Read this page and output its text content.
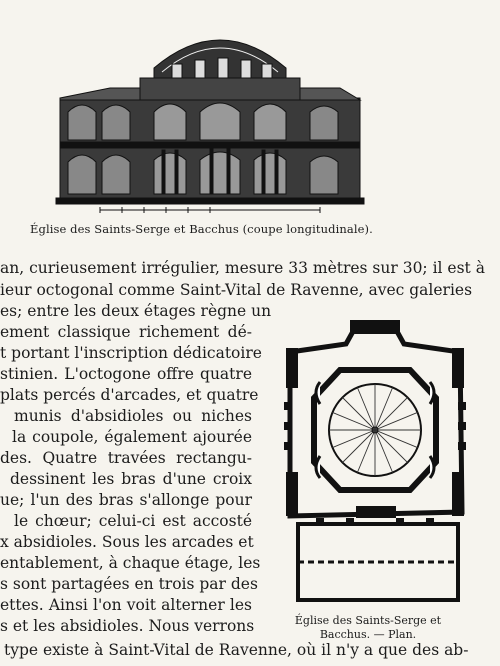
Église des Saints-Serge et Bacchus (coupe longitudinale).
an, curieusement irrégulier, mesure 33 mètres sur 30; il est à
ieur octogonal comme Saint-Vital de Ravenne, avec galeries
es; entre les deux étages règne un
ement classique richement dé-
t portant l'inscription dédicatoire
stinien. L'octogone offre quatre
plats percés d'arcades, et quatre
munis d'absidioles ou niches
la coupole, également ajourée
des. Quatre travées rectangu-
dessinent les bras d'une croix
ue; l'un des bras s'allonge pour
le chœur; celui-ci est accosté
x absidioles. Sous les arcades et
entablement, à chaque étage, les
s sont partagées en trois par des
ettes. Ainsi l'on voit alterner les
s et les absidioles. Nous verrons
type existe à Saint-Vital de Ravenne, où il n'y a que des ab-
Église des Saints-Serge et
Bacchus. — Plan.
